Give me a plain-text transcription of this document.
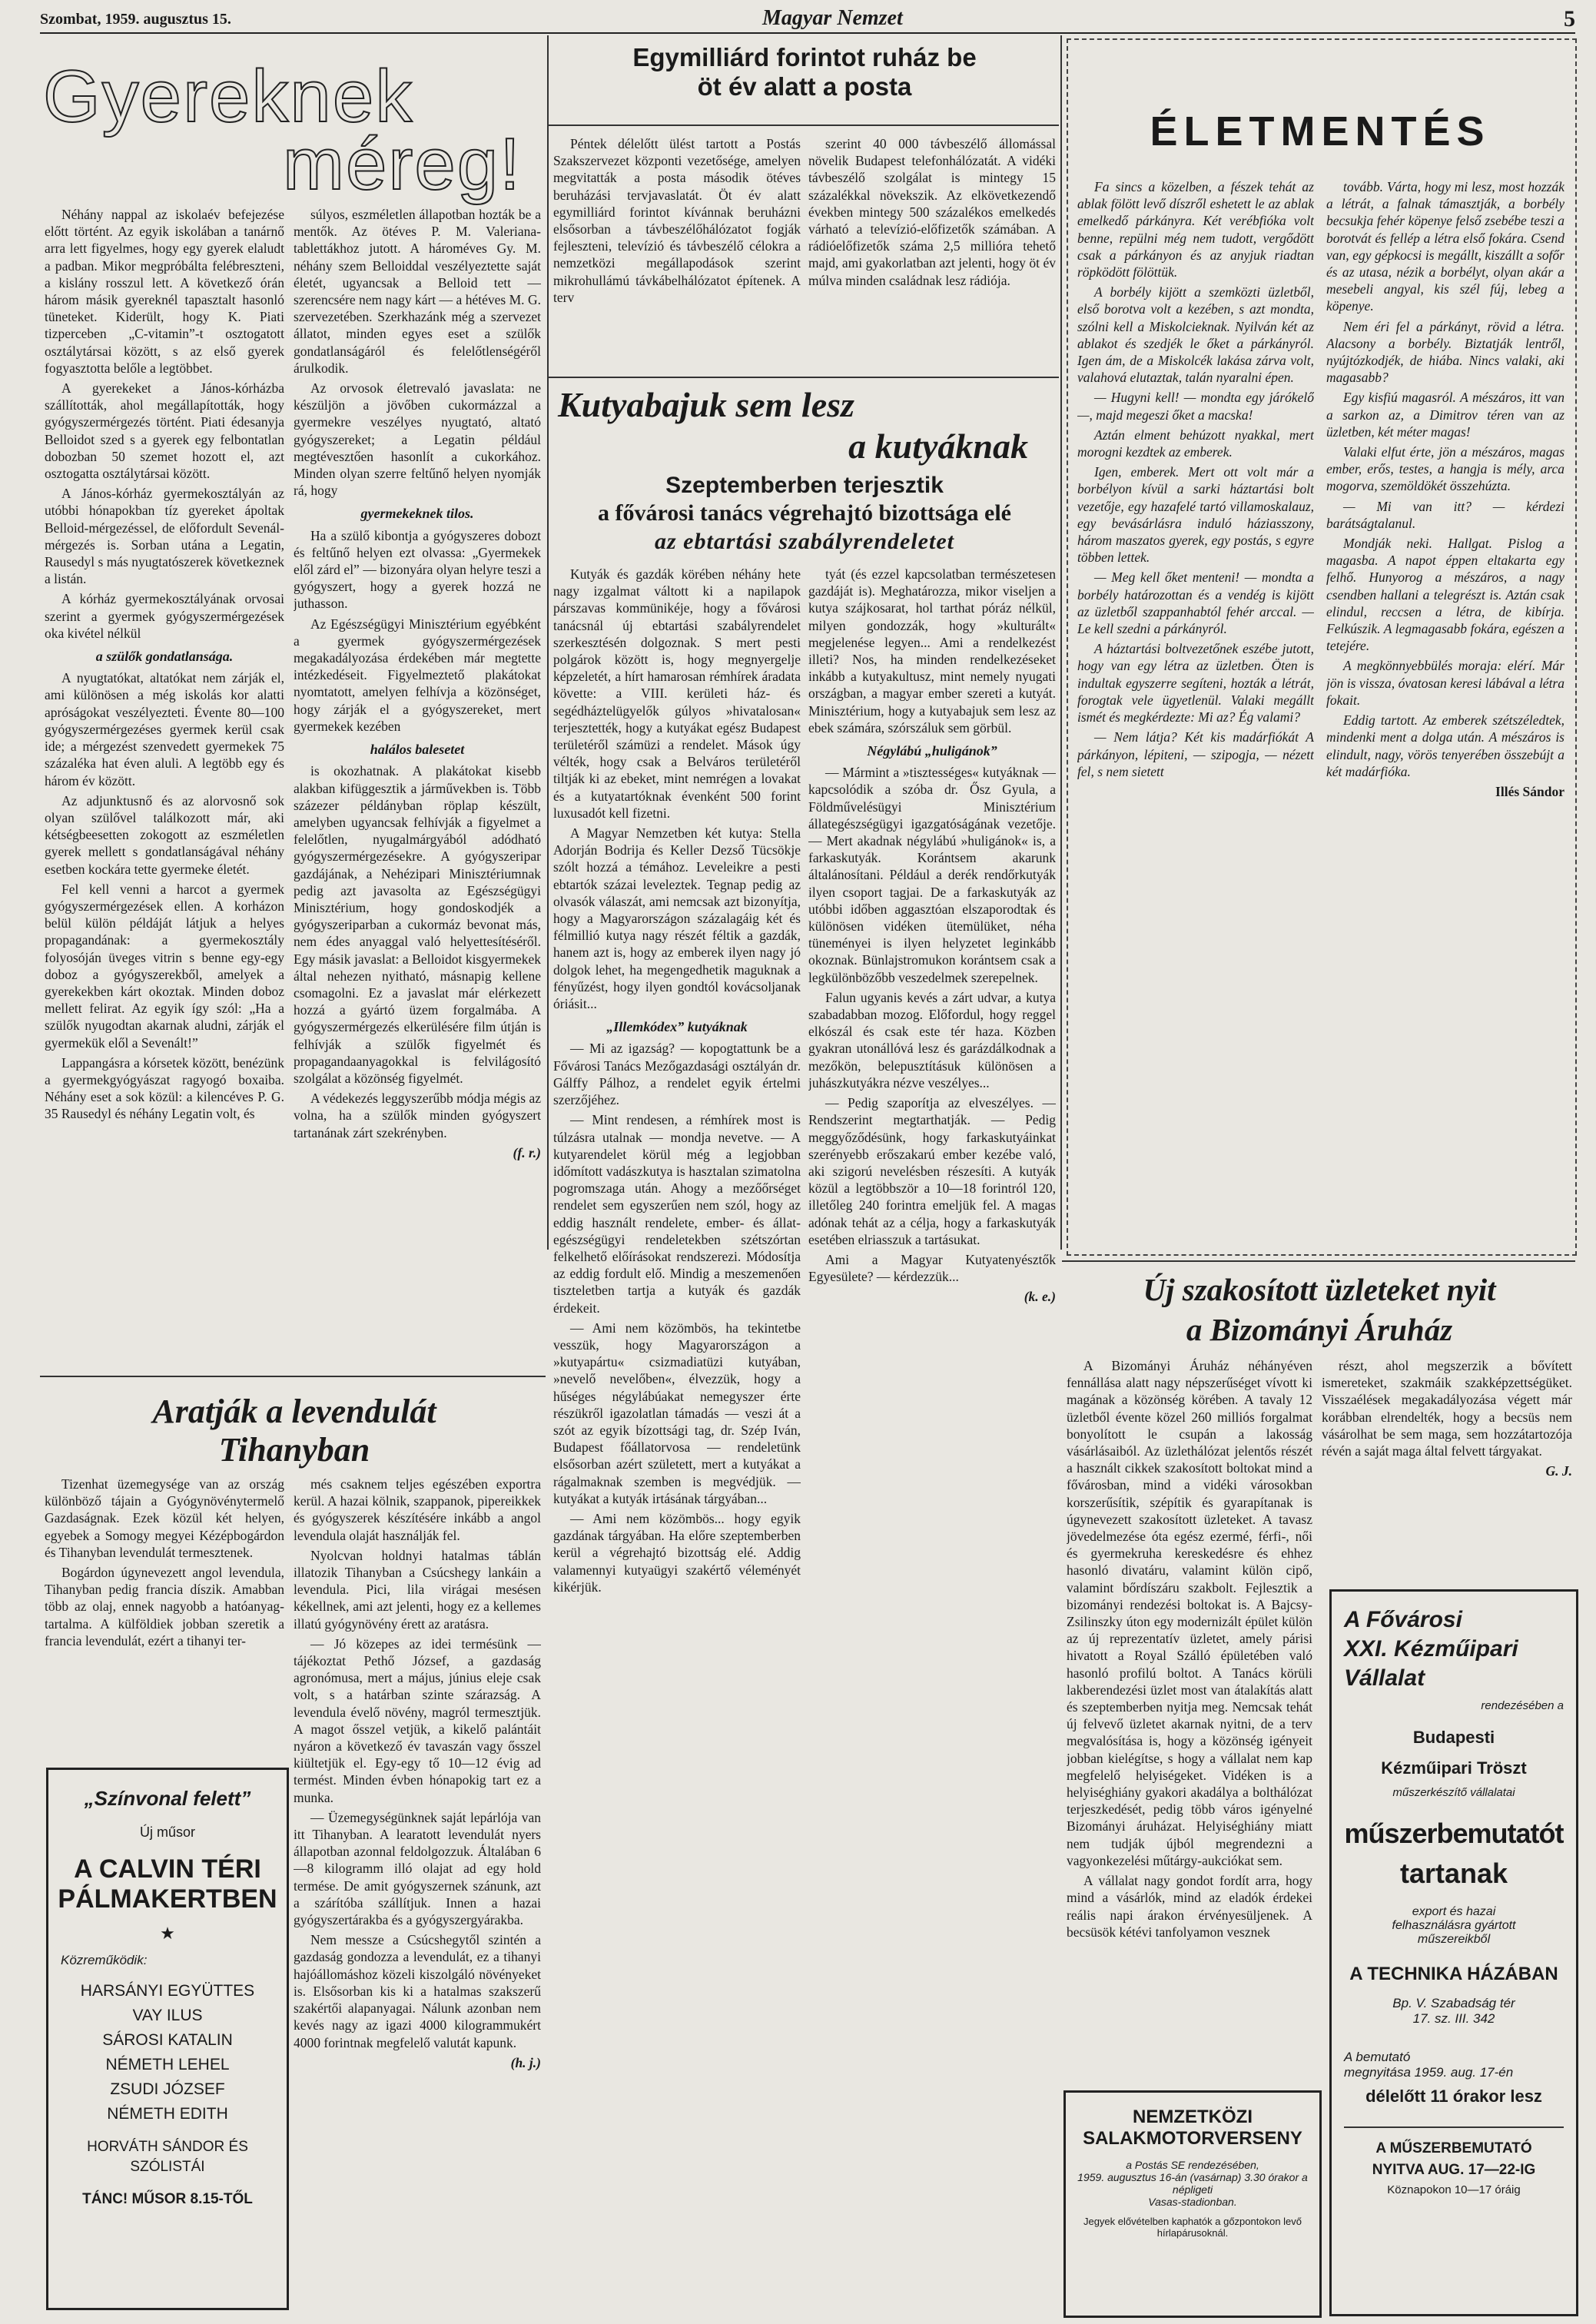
Szombat, 1959. augusztus 15.	Magyar Nemzet	5
Gyereknek
méreg!

Néhány nappal az iskolaév befejezése előtt történt. Az egyik iskolában a tanárnő arra lett figyelmes, hogy egy gyerek elaludt a padban. Mikor megpróbálta felébreszteni, a kislány rosszul lett. A következő órán három másik gyereknél tapasztalt hasonló tüneteket. Kiderült, hogy K. Piati tizperceben „C-vitamin”-t osztogatott osztálytársai között, s az első gyerek fogyasztotta belőle a legtöbbet.

A gyerekeket a János-kórházba szállították, ahol megállapították, hogy gyógyszermérgezés történt. Piati édesanyja Belloidot szed s a gyerek egy felbontatlan dobozban 50 szemet hozott el, azt osztogatta osztálytársai között.

A János-kórház gyermekosztályán az utóbbi hónapokban tíz gyereket ápoltak Belloid-mérgezéssel, de előfordult Sevenál-mérgezés is. Sorban utána a Legatin, Rausedyl s más nyugtatószerek következnek a listán.

A kórház gyermekosztályának orvosai szerint a gyermek gyógyszermérgezések oka kivétel nélkül

a szülők gondatlansága.

A nyugtatókat, altatókat nem zárják el, ami különösen a még iskolás kor alatti apróságokat veszélyezteti. Évente 80—100 gyógyszermérgezéses gyermek kerül csak ide; a mérgezést szenvedett gyermekek 75 százaléka hat éven aluli. A legtöbb egy és három év között.

Az adjunktusnő és az alorvosnő sok olyan szülővel találkozott már, aki kétségbeesetten zokogott az eszméletlen gyerek mellett s gondatlanságával néhány esetben kockára tette gyermeke életét.

Fel kell venni a harcot a gyermek gyógyszermérgezések ellen. A korházon belül külön példáját látjuk a helyes propagandának: a gyermekosztály folyosóján üveges vitrin s benne egy-egy doboz a gyógyszerekből, amelyek a gyerekekben kárt okoztak. Minden doboz mellett felirat. Az egyik így szól: „Ha a szülők nyugodtan akarnak aludni, zárják el gyermekük elől a Sevenált!”

Lappangásra a kórsetek között, benézünk a gyermekgyógyászat ragyogó boxaiba. Néhány eset a sok közül: a kilencéves P. G. 35 Rausedyl és néhány Legatin volt, és

súlyos, eszméletlen állapotban hozták be a mentők. Az ötéves P. M. Valeriana-tablettákhoz jutott. A hároméves Gy. M. néhány szem Belloiddal veszélyeztette saját életét, ugyancsak a Belloid tett — szerencsére nem nagy kárt — a hétéves M. G. szervezetében. Szerkhazánk még a szervezet állatot, minden egyes eset a szülők gondatlanságáról és felelőtlenségéről árulkodik.

Az orvosok életrevaló javaslata: ne készüljön a jövőben cukormázzal a gyermekre veszélyes nyugtató, altató gyógyszereket; a Legatin például megtévesztően hasonlít a cukorkához. Minden olyan szerre feltűnő helyen nyomják rá, hogy

gyermekeknek tilos.

Ha a szülő kibontja a gyógyszeres dobozt és feltűnő helyen ezt olvassa: „Gyermekek elől zárd el” — bizonyára olyan helyre teszi a gyógyszert, hogy a gyerek hozzá ne juthasson.

Az Egészségügyi Minisztérium egyébként a gyermek gyógyszermérgezések megakadályozása érdekében már megtette intézkedéseit. Figyelmeztető plakátokat nyomtatott, amelyen felhívja a közönséget, hogy zárják el a gyógyszereket, mert gyermekek kezében

halálos balesetet

is okozhatnak. A plakátokat kisebb alakban kifüggesztik a járművekben is. Több százezer példányban röplap készült, amelyben ugyancsak felhívják a figyelmet a felelőtlen, nyugalmárgyából adódható gyógyszermérgezésekre. A gyógyszeripar gazdájának, a Nehézipari Minisztériumnak pedig azt javasolta az Egészségügyi Minisztérium, hogy gondoskodjék a gyógyszeriparban a cukormáz bevonat más, nem édes anyaggal való helyettesítéséről. Egy másik javaslat: a Belloidot kisgyermekek által nehezen nyitható, másnapig kellene csomagolni. Ez a javaslat már elérkezett hozzá a gyártó üzem forgalmába. A gyógyszermérgezés elkerülésére film útján is felhívják a szülők figyelmét és propagandaanyagokkal is felvilágosító szolgálat a közönség figyelmét.

A védekezés leggyszerűbb módja mégis az volna, ha a szülők minden gyógyszert tartanának zárt szekrényben.

(f. r.)

Aratják a levendulát
Tihanyban

Tizenhat üzemegysége van az ország különböző tájain a Gyógynövénytermelő Gazdaságnak. Ezek közül két helyen, egyebek a Somogy megyei Kézépbogárdon és Tihanyban levendulát termesztenek.

Bogárdon úgynevezett angol levendula, Tihanyban pedig francia díszik. Amabban több az olaj, ennek nagyobb a hatóanyag-tartalma. A külföldiek jobban szeretik a francia levendulát, ezért a tihanyi ter-

més csaknem teljes egészében exportra kerül. A hazai kölnik, szappanok, pipereikkek és gyógyszerek készítésére inkább a angol levendula olaját használják fel.

Nyolcvan holdnyi hatalmas táblán illatozik Tihanyban a Csúcshegy lankáin a levendula. Pici, lila virágai mesésen kékellnek, ami azt jelenti, hogy ez a kellemes illatú gyógynövény érett az aratásra.

— Jó közepes az idei termésünk — tájékoztat Pethő József, a gazdaság agronómusa, mert a május, június eleje csak volt, s a határban szinte szárazság. A levendula évelő növény, magról termesztjük. A magot ősszel vetjük, a kikelő palántáit nyáron a következő év tavaszán vagy ősszel kiültetjük el. Egy-egy tő 10—12 évig ad termést. Minden évben hónapokig tart ez a munka.

— Üzemegységünknek saját lepárlója van itt Tihanyban. A learatott levendulát nyers állapotban azonnal feldolgozzuk. Általában 6—8 kilogramm illó olajat ad egy hold termése. De amit gyógyszernek szánunk, azt a szárítóba szállítjuk. Innen a hazai gyógyszertárakba és a gyógyszergyárakba.

Nem messze a Csúcshegytől szintén a gazdaság gondozza a levendulát, ez a tihanyi hajóállomáshoz közeli kiszolgáló növényeket is. Elsősorban kis ki a hatalmas szakszerű szakértői alapanyagai. Nálunk azonban nem kevés nagy az igazi 4000 kilogrammukért 4000 forintnak megfelelő valutát kapunk.

(h. j.)

„Színvonal felett”
Új műsor
A CALVIN TÉRI
PÁLMAKERTBEN
★
Közreműködik:
HARSÁNYI EGYÜTTES
VAY ILUS
SÁROSI KATALIN
NÉMETH LEHEL
ZSUDI JÓZSEF
NÉMETH EDITH
HORVÁTH SÁNDOR ÉS SZÓLISTÁI
TÁNC! MŰSOR 8.15-TŐL
Egymilliárd forintot ruház be
öt év alatt a posta

Péntek délelőtt ülést tartott a Postás Szakszervezet központi vezetősége, amelyen megvitatták a posta második ötéves beruházási tervjavaslatát. Öt év alatt egymilliárd forintot kívánnak beruházni elsősorban a távbeszélőhálózatot fogják fejleszteni, televízió és távbeszélő célokra a nemzetközi megállapodások szerint mikrohullámú távkábelhálózatot építenek. A terv

szerint 40 000 távbeszélő állomással növelik Budapest telefonhálózatát. A vidéki távbeszélő szolgálat is mintegy 15 százalékkal növekszik. Az elkövetkezendő években mintegy 500 százalékos emelkedés várható a televízió-előfizetők számában. A rádióelőfizetők száma 2,5 millióra tehető majd, ami gyakorlatban azt jelenti, hogy öt év múlva minden családnak lesz rádiója.

Kutyabajuk sem lesz
a kutyáknak
Szeptemberben terjesztik
a fővárosi tanács végrehajtó bizottsága elé
az ebtartási szabályrendeletet

Kutyák és gazdák körében néhány hete nagy izgalmat váltott ki a napilapok párszavas kommünikéje, hogy a fővárosi tanácsnál új ebtartási szabályrendelet szerkesztésén dolgoznak. S mert pesti polgárok között is, hogy megnyergelje képzeletét, a hírt hamarosan rémhírek áradata követte: a VIII. kerületi ház- és segédháztelügyelők gúlyos »hivatalosan« terjesztették, hogy a kutyákat egész Budapest területéről számüzi a rendelet. Mások úgy vélték, hogy csak a Belváros területéről tiltják ki az ebeket, mint nemrégen a lovakat és a kutyatartóknak évenként 500 forint luxusadót kell fizetni.

A Magyar Nemzetben két kutya: Stella Adorján Bodrija és Keller Dezső Tücsökje szólt hozzá a témához. Leveleikre a pesti ebtartók százai leveleztek. Tegnap pedig az olvasók válaszát, ami nemcsak azt bizonyítja, hogy a Magyarországon százalagáig két és félmillió kutya nagy részét féltik a gazdák, hanem azt is, hogy az emberek ilyen nagy jó dolgok lehet, ha megengedhetik maguknak a fényűzést, hogy ilyen gondtól kovácsoljanak óriásit...

„Illemkódex” kutyáknak

— Mi az igazság? — kopogtattunk be a Fővárosi Tanács Mezőgazdasági osztályán dr. Gálffy Pálhoz, a rendelet egyik értelmi szerzőjéhez.

— Mint rendesen, a rémhírek most is túlzásra utalnak — mondja nevetve. — A kutyarendelet körül még a legjobban időmított vadászkutya is hasztalan szimatolna pogromszaga után. Ahogy a mezőőrséget rendelet sem egyszerűen nem szól, hogy az eddig használt rendelete, ember- és állat-egészségügyi rendeletekben szétszórtan felkelhető előírásokat rendszerezi. Módosítja az eddig fordult elő. Mindig a meszemenően tiszteletben tartja a kutyák és gazdák érdekeit.

— Ami nem közömbös, ha tekintetbe vesszük, hogy Magyarországon a »kutyapártu« csizmadiatüzi kutyában, »nevelő nevelőben«, élvezzük, hogy a hűséges négylábúakat nemegyszer érte részükről igazolatlan támadás — veszi át a szót az egyik bízottsági tag, dr. Szép Iván, Budapest főállatorvosa — rendeletünk elsősorban azért született, mert a kutyákat a rágalmaknak szemben is megvédjük. — kutyákat a kutyák irtásának tárgyában...

— Ami nem közömbös... hogy egyik gazdának tárgyában. Ha előre szeptemberben kerül a végrehajtó bizottság elé. Addig valamennyi kutyaügyi szakértő véleményét kikérjük.

tyát (és ezzel kapcsolatban természetesen gazdáját is). Meghatározza, mikor viseljen a kutya szájkosarat, hol tarthat póráz nélkül, milyen gondozzák, hogy »kulturált« megjelenése legyen... Ami a rendelkezést illeti? Nos, ha minden rendelkezéseket inkább a kutyakultusz, mint nemely nyugati országban, a magyar ember szereti a kutyát. Minisztérium, hogy a kutyabajuk sem lesz az ebek számára, szórszáluk sem görbül.

Négylábú „huligánok”

— Mármint a »tisztességes« kutyáknak — kapcsolódik a szóba dr. Ősz Gyula, a Földművelésügyi Minisztérium állategészségügyi igazgatóságának vezetője. — Mert akadnak négylábú »huligánok« is, a farkaskutyák. Korántsem akarunk általánosítani. Például a derék rendőrkutyák ilyen csoport tagjai. De a farkaskutyák az utóbbi időben aggasztóan elszaporodtak és különösen vidéken ütemülüket, néha tüneményei is ilyen helyzetet leginkább okoznak. Bünlajstromukon korántsem csak a legkülönbözőbb veszedelmek szerepelnek.

Falun ugyanis kevés a zárt udvar, a kutya szabadabban mozog. Előfordul, hogy reggel elkószál és csak este tér haza. Közben gyakran utonállóvá lesz és garázdálkodnak a mezőkön, belepusztításuk különösen a juhászkutyákra nézve veszélyes...

— Pedig szaporítja az elveszélyes. — Rendszerint megtarthatják. — Pedig meggyőződésünk, hogy farkaskutyáinkat szerényebb erőszakarú ember kezébe való, aki szigorú nevelésben részesíti. A kutyák közül a legtöbbször a 10—18 forintról 120, illetőleg 240 forintra emeljük fel. A magas adónak tehát az a célja, hogy a farkaskutyák esetében elriasszuk a tartásukat.

Ami a Magyar Kutyatenyésztők Egyesülete? — kérdezzük...

(k. e.)

ÉLETMENTÉS

Fa sincs a közelben, a fészek tehát az ablak fölött levő díszről eshetett le az ablak emelkedő párkányra. Két verébfióka volt benne, repülni még nem tudott, vergődött csak a párkányon és az anyjuk riadtan röpködött fölöttük.

A borbély kijött a szemközti üzletből, első borotva volt a kezében, s azt mondta, szólni kell a Miskolcieknak. Nyilván két az ablakot és szedjék le őket a párkányról. Igen ám, de a Miskolcék lakása zárva volt, valahová elutaztak, talán nyaralni épen.

— Hugyni kell! — mondta egy járókelő —, majd megeszi őket a macska!

Aztán elment behúzott nyakkal, mert morogni kezdtek az emberek.

Igen, emberek. Mert ott volt már a borbélyon kívül a sarki háztartási bolt vezetője, egy hazafelé tartó villamoskalauz, egy bevásárlásra induló háziasszony, három maszatos gyerek, egy postás, s egyre többen lettek.

— Meg kell őket menteni! — mondta a borbély határozottan és a vendég is kijött az üzletből szappanhabtól fehér arccal. — Le kell szedni a párkányról.

A háztartási boltvezetőnek eszébe jutott, hogy van egy létra az üzletben. Öten is indultak egyszerre segíteni, hozták a létrát, forogtak vele ügyetlenül. Valaki megállt ismét és megkérdezte: Mi az? Ég valami?

— Nem látja? Két kis madárfiókát A párkányon, lépiteni, — szipogja, — nézett fel, s nem sietett

tovább. Várta, hogy mi lesz, most hozzák a létrát, a falnak támasztják, a borbély becsukja fehér köpenye felső zsebébe teszi a borotvát és fellép a létra első fokára. Csend van, egy gépkocsi is megállt, kiszállt a sofőr és az utasa, nézik a borbélyt, olyan akár a mesebeli angyal, kis szél fúj, lebeg a köpenye.

Nem éri fel a párkányt, rövid a létra. Alacsony a borbély. Biztatják lentről, nyújtózkodjék, de hiába. Nincs valaki, aki magasabb?

Egy kisfiú magasról. A mészáros, itt van a sarkon az, a Dimitrov téren van az üzletben, két méter magas!

Valaki elfut érte, jön a mészáros, magas ember, erős, testes, a hangja is mély, arca mogorva, szemöldökét összehúzta.

— Mi van itt? — kérdezi barátságtalanul.

Mondják neki. Hallgat. Pislog a magasba. A napot éppen eltakarta egy felhő. Hunyorog a mészáros, a nagy csendben hallani a telegrészt is. Aztán csak elindul, reccsen a létra, de kibírja. Felkúszik. A legmagasabb fokára, egészen a tetejére.

A megkönnyebbülés moraja: elérí. Már jön is vissza, óvatosan keresi lábával a létra fokait.

Eddig tartott. Az emberek szétszéledtek, mindenki ment a dolga után. A mészáros is elindult, nagy, vörös tenyerében összebújt a két madárfióka.

Illés Sándor

Új szakosított üzleteket nyit
a Bizományi Áruház

A Bizományi Áruház néhányéven fennállása alatt nagy népszerűséget vívott ki magának a közönség körében. A tavaly 12 üzletből évente közel 260 milliós forgalmat bonyolított le csupán a lakosság vásárlásaiból. Az üzlethálózat jelentős részét a használt cikkek szakosított boltokat mind a fővárosban, mind a vidéki városokban korszerűsítik, szépítik és gyarapítanak is úgynevezett szakosított üzleteket. A tavasz jövedelmezése óta egész ezermé, férfi-, női és gyermekruha kereskedésre és ehhez hasonló divatáru, valamint külön cipő, valamint bőrdíszáru szakbolt. Fejlesztik a bizományi rendezési boltokat is. A Bajcsy-Zsilinszky úton egy modernizált épület külön az új reprezentatív üzletet, amely párisi hivatott a Royal Szálló épületében való hasonló profilú boltot. A Tanács körüli lakberendezési üzlet most van átalakítás alatt és szeptemberben nyitja meg. Nemcsak tehát új felvevő üzletet akarnak nyitni, de a terv megvalósítása is, hogy a közönség igényeit jobban kielégítse, s hogy a vállalat nem kap megfelelő helyiségeket. Vidéken is a helyiséghiány gyakori akadálya a bolthálózat terjeszkedését, pedig több város igényelné Bizományi áruházat. Helyiséghiány miatt nem tudják újból megrendezni a vagyonkezelési műtárgy-aukciókat sem.

A vállalat nagy gondot fordít arra, hogy mind a vásárlók, mind az eladók érdekei reális napi árakon érvényesüljenek. A becsüsök kétévi tanfolyamon vesznek

részt, ahol megszerzik a bővített ismereteket, szakmáik szakképzettségüket. Visszaélések megakadályozása végett már korábban elrendelték, hogy a becsüs nem vásárolhat be sem maga, sem hozzátartozója révén a saját maga által felvett tárgyakat.

G. J.

NEMZETKÖZI
SALAKMOTORVERSENY
a Postás SE rendezésében,
1959. augusztus 16-án (vasárnap) 3.30 órakor a népligeti
Vasas-stadionban.
Jegyek elővételben kaphatók a gőzpontokon levő hírlapárusoknál.
A Fővárosi
XXI. Kézműipari
Vállalat
rendezésében a
Budapesti
Kézműipari Tröszt
műszerkészítő vállalatai
műszerbemutatót
tartanak
export és hazai
felhasználásra gyártott
műszereikből
A TECHNIKA HÁZÁBAN
Bp. V. Szabadság tér
17. sz. III. 342
A bemutató
megnyitása 1959. aug. 17-én
délelőtt 11 órakor lesz
A MŰSZERBEMUTATÓ
NYITVA AUG. 17—22-IG
Köznapokon 10—17 óráig
